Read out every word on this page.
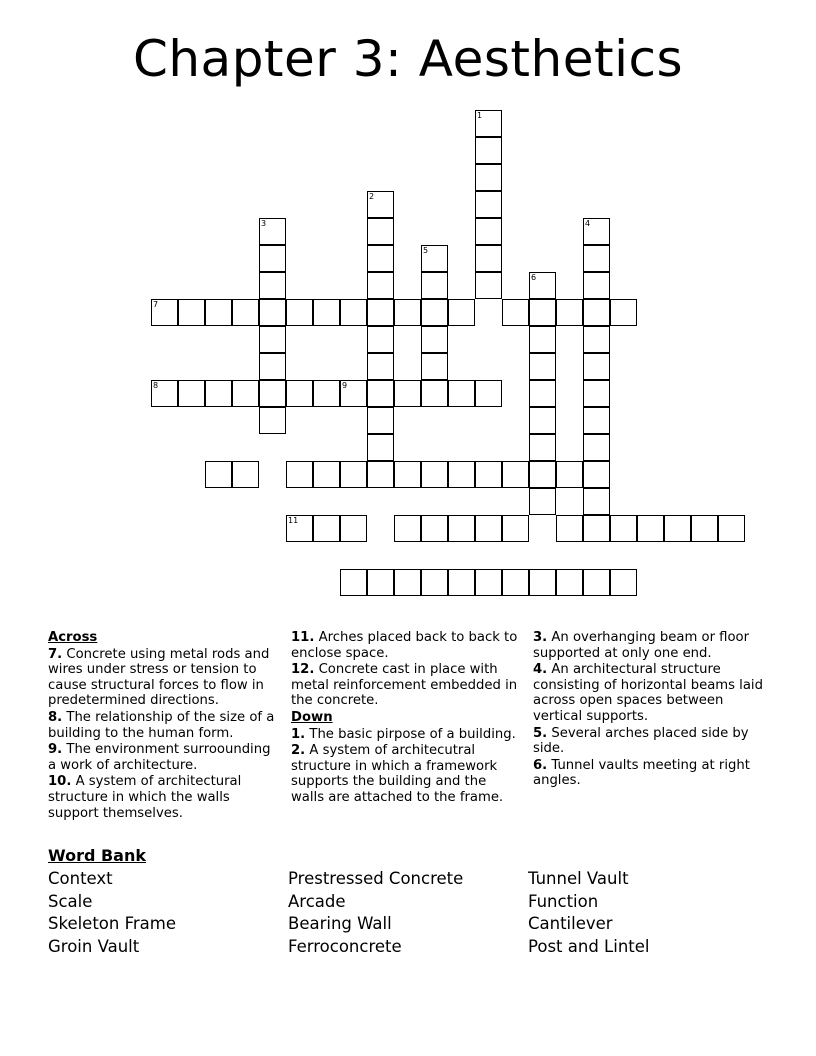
Chapter 3: Aesthetics
1
2
3	4
5
6
7
8	9
11

Across

7. Concrete using metal rods and wires under stress or tension to cause structural forces to flow in predetermined directions.

8. The relationship of the size of a building to the human form.

9. The environment surroounding a work of architecture.

10. A system of architectural structure in which the walls support themselves.

11. Arches placed back to back to enclose space.

12. Concrete cast in place with metal reinforcement embedded in the concrete.

Down

1. The basic pirpose of a building.

2. A system of architecutral structure in which a framework supports the building and the walls are attached to the frame.

3. An overhanging beam or floor supported at only one end.

4. An architectural structure consisting of horizontal beams laid across open spaces between vertical supports.

5. Several arches placed side by side.

6. Tunnel vaults meeting at right angles.

Word Bank
Context	Prestressed Concrete	Tunnel Vault
Scale	Arcade	Function
Skeleton Frame	Bearing Wall	Cantilever
Groin Vault	Ferroconcrete	Post and Lintel
